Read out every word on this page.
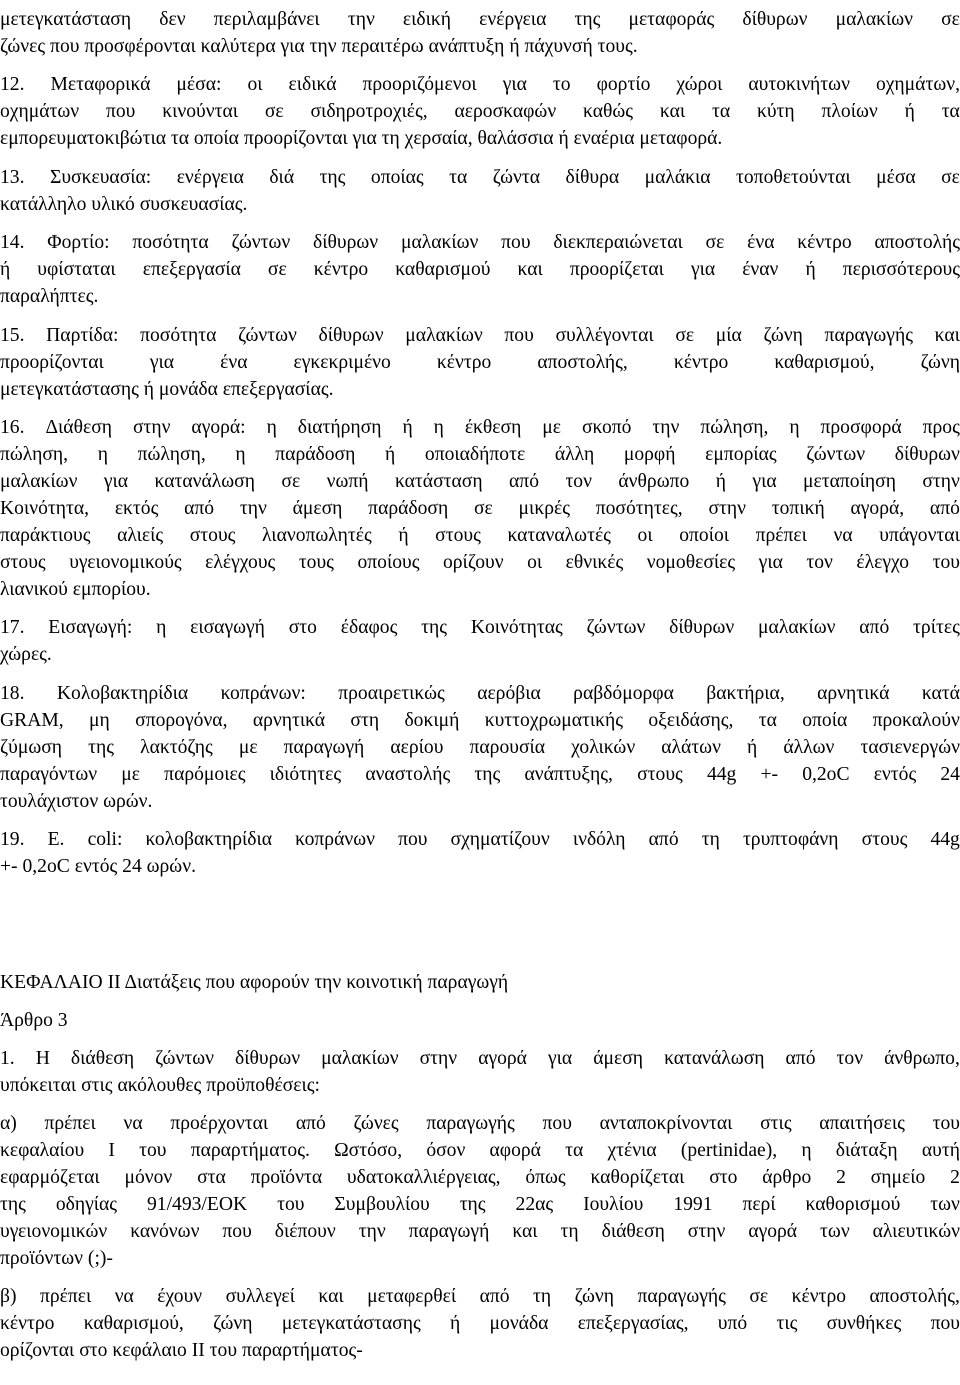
μετεγκατάσταση δεν περιλαμβάνει την ειδική ενέργεια της μεταφοράς δίθυρων μαλακίων σε
ζώνες που προσφέρονται καλύτερα για την περαιτέρω ανάπτυξη ή πάχυνσή τους.
12. Μεταφορικά μέσα: οι ειδικά προοριζόμενοι για το φορτίο χώροι αυτοκινήτων οχημάτων,
οχημάτων που κινούνται σε σιδηροτροχιές, αεροσκαφών καθώς και τα κύτη πλοίων ή τα
εμπορευματοκιβώτια τα οποία προορίζονται για τη χερσαία, θαλάσσια ή εναέρια μεταφορά.
13. Συσκευασία: ενέργεια διά της οποίας τα ζώντα δίθυρα μαλάκια τοποθετούνται μέσα σε
κατάλληλο υλικό συσκευασίας.
14. Φορτίο: ποσότητα ζώντων δίθυρων μαλακίων που διεκπεραιώνεται σε ένα κέντρο αποστολής
ή υφίσταται επεξεργασία σε κέντρο καθαρισμού και προορίζεται για έναν ή περισσότερους
παραλήπτες.
15. Παρτίδα: ποσότητα ζώντων δίθυρων μαλακίων που συλλέγονται σε μία ζώνη παραγωγής και
προορίζονται για ένα εγκεκριμένο κέντρο αποστολής, κέντρο καθαρισμού, ζώνη
μετεγκατάστασης ή μονάδα επεξεργασίας.
16. Διάθεση στην αγορά: η διατήρηση ή η έκθεση με σκοπό την πώληση, η προσφορά προς
πώληση, η πώληση, η παράδοση ή οποιαδήποτε άλλη μορφή εμπορίας ζώντων δίθυρων
μαλακίων για κατανάλωση σε νωπή κατάσταση από τον άνθρωπο ή για μεταποίηση στην
Κοινότητα, εκτός από την άμεση παράδοση σε μικρές ποσότητες, στην τοπική αγορά, από
παράκτιους αλιείς στους λιανοπωλητές ή στους καταναλωτές οι οποίοι πρέπει να υπάγονται
στους υγειονομικούς ελέγχους τους οποίους ορίζουν οι εθνικές νομοθεσίες για τον έλεγχο του
λιανικού εμπορίου.
17. Εισαγωγή: η εισαγωγή στο έδαφος της Κοινότητας ζώντων δίθυρων μαλακίων από τρίτες
χώρες.
18. Κολοβακτηρίδια κοπράνων: προαιρετικώς αερόβια ραβδόμορφα βακτήρια, αρνητικά κατά
GRAM, μη σπορογόνα, αρνητικά στη δοκιμή κυττοχρωματικής οξειδάσης, τα οποία προκαλούν
ζύμωση της λακτόζης με παραγωγή αερίου παρουσία χολικών αλάτων ή άλλων τασιενεργών
παραγόντων με παρόμοιες ιδιότητες αναστολής της ανάπτυξης, στους 44g +- 0,2oC εντός 24
τουλάχιστον ωρών.
19. E. coli: κολοβακτηρίδια κοπράνων που σχηματίζουν ινδόλη από τη τρυπτοφάνη στους 44g
+- 0,2oC εντός 24 ωρών.
ΚΕΦΑΛΑΙΟ ΙΙ Διατάξεις που αφορούν την κοινοτική παραγωγή
Άρθρο 3
1. Η διάθεση ζώντων δίθυρων μαλακίων στην αγορά για άμεση κατανάλωση από τον άνθρωπο,
υπόκειται στις ακόλουθες προϋποθέσεις:
α) πρέπει να προέρχονται από ζώνες παραγωγής που ανταποκρίνονται στις απαιτήσεις του
κεφαλαίου Ι του παραρτήματος. Ωστόσο, όσον αφορά τα χτένια (pertinidae), η διάταξη αυτή
εφαρμόζεται μόνον στα προϊόντα υδατοκαλλιέργειας, όπως καθορίζεται στο άρθρο 2 σημείο 2
της οδηγίας 91/493/ΕΟΚ του Συμβουλίου της 22ας Ιουλίου 1991 περί καθορισμού των
υγειονομικών κανόνων που διέπουν την παραγωγή και τη διάθεση στην αγορά των αλιευτικών
προϊόντων (;)-
β) πρέπει να έχουν συλλεγεί και μεταφερθεί από τη ζώνη παραγωγής σε κέντρο αποστολής,
κέντρο καθαρισμού, ζώνη μετεγκατάστασης ή μονάδα επεξεργασίας, υπό τις συνθήκες που
ορίζονται στο κεφάλαιο ΙΙ του παραρτήματος-
